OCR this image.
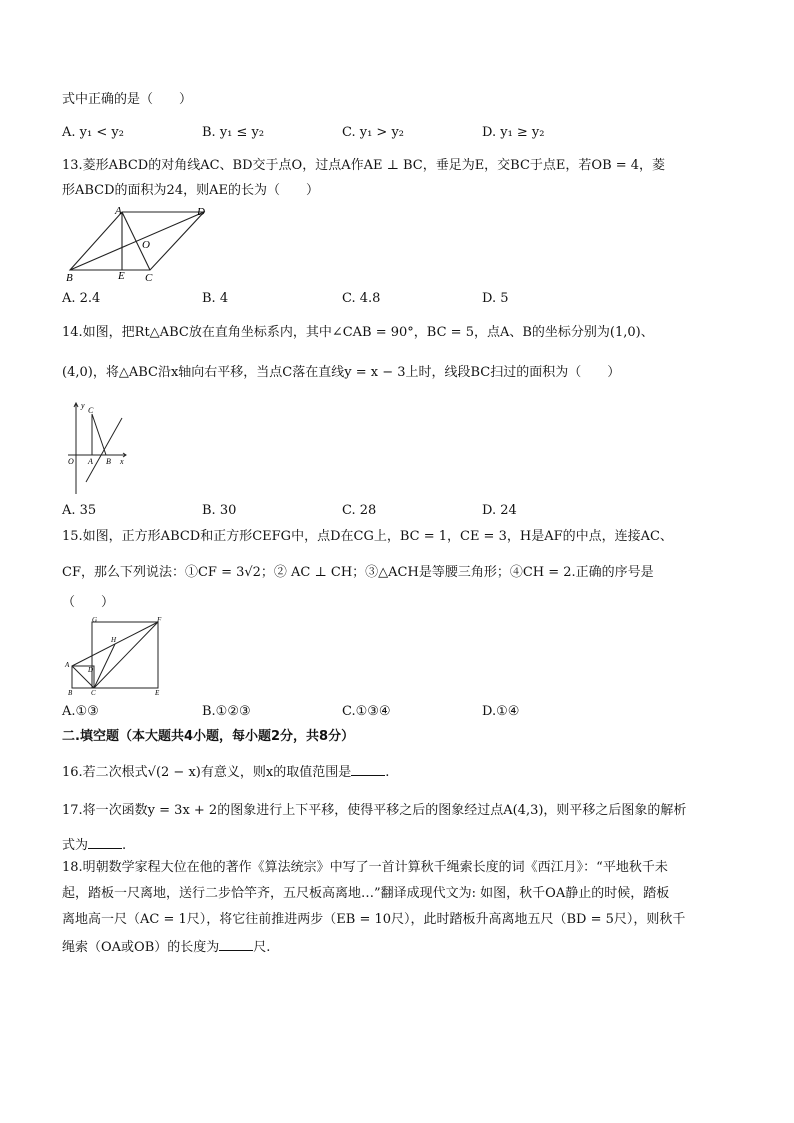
式中正确的是（　　）
A. y₁ < y₂	B. y₁ ≤ y₂	C. y₁ > y₂	D. y₁ ≥ y₂
13.菱形ABCD的对角线AC、BD交于点O，过点A作AE ⊥ BC，垂足为E，交BC于点E，若OB = 4，菱
形ABCD的面积为24，则AE的长为（　　）
A	D
O
B	E C
A. 2.4	B. 4	C. 4.8	D. 5
14.如图，把Rt△ABC放在直角坐标系内，其中∠CAB = 90°，BC = 5，点A、B的坐标分别为(1,0)、
(4,0)，将△ABC沿x轴向右平移，当点C落在直线y = x − 3上时，线段BC扫过的面积为（　　）
y
C
O A B x
A. 35	B. 30	C. 28	D. 24
15.如图，正方形ABCD和正方形CEFG中，点D在CG上，BC = 1，CE = 3，H是AF的中点，连接AC、
CF，那么下列说法：①CF = 3√2；② AC ⊥ CH；③△ACH是等腰三角形；④CH = 2.正确的序号是
（　　）
G	F
H
A
D
B	C	E
A.①③	B.①②③	C.①③④	D.①④
二.填空题（本大题共4小题，每小题2分，共8分）
16.若二次根式√(2 − x)有意义，则x的取值范围是	.
17.将一次函数y = 3x + 2的图象进行上下平移，使得平移之后的图象经过点A(4,3)，则平移之后图象的解析
式为	.
18.明朝数学家程大位在他的著作《算法统宗》中写了一首计算秋千绳索长度的词《西江月》：“平地秋千未
起，踏板一尺离地，送行二步恰竿齐，五尺板高离地…”翻译成现代文为: 如图，秋千OA静止的时候，踏板
离地高一尺（AC = 1尺），将它往前推进两步（EB = 10尺），此时踏板升高离地五尺（BD = 5尺），则秋千
绳索（OA或OB）的长度为	尺.
